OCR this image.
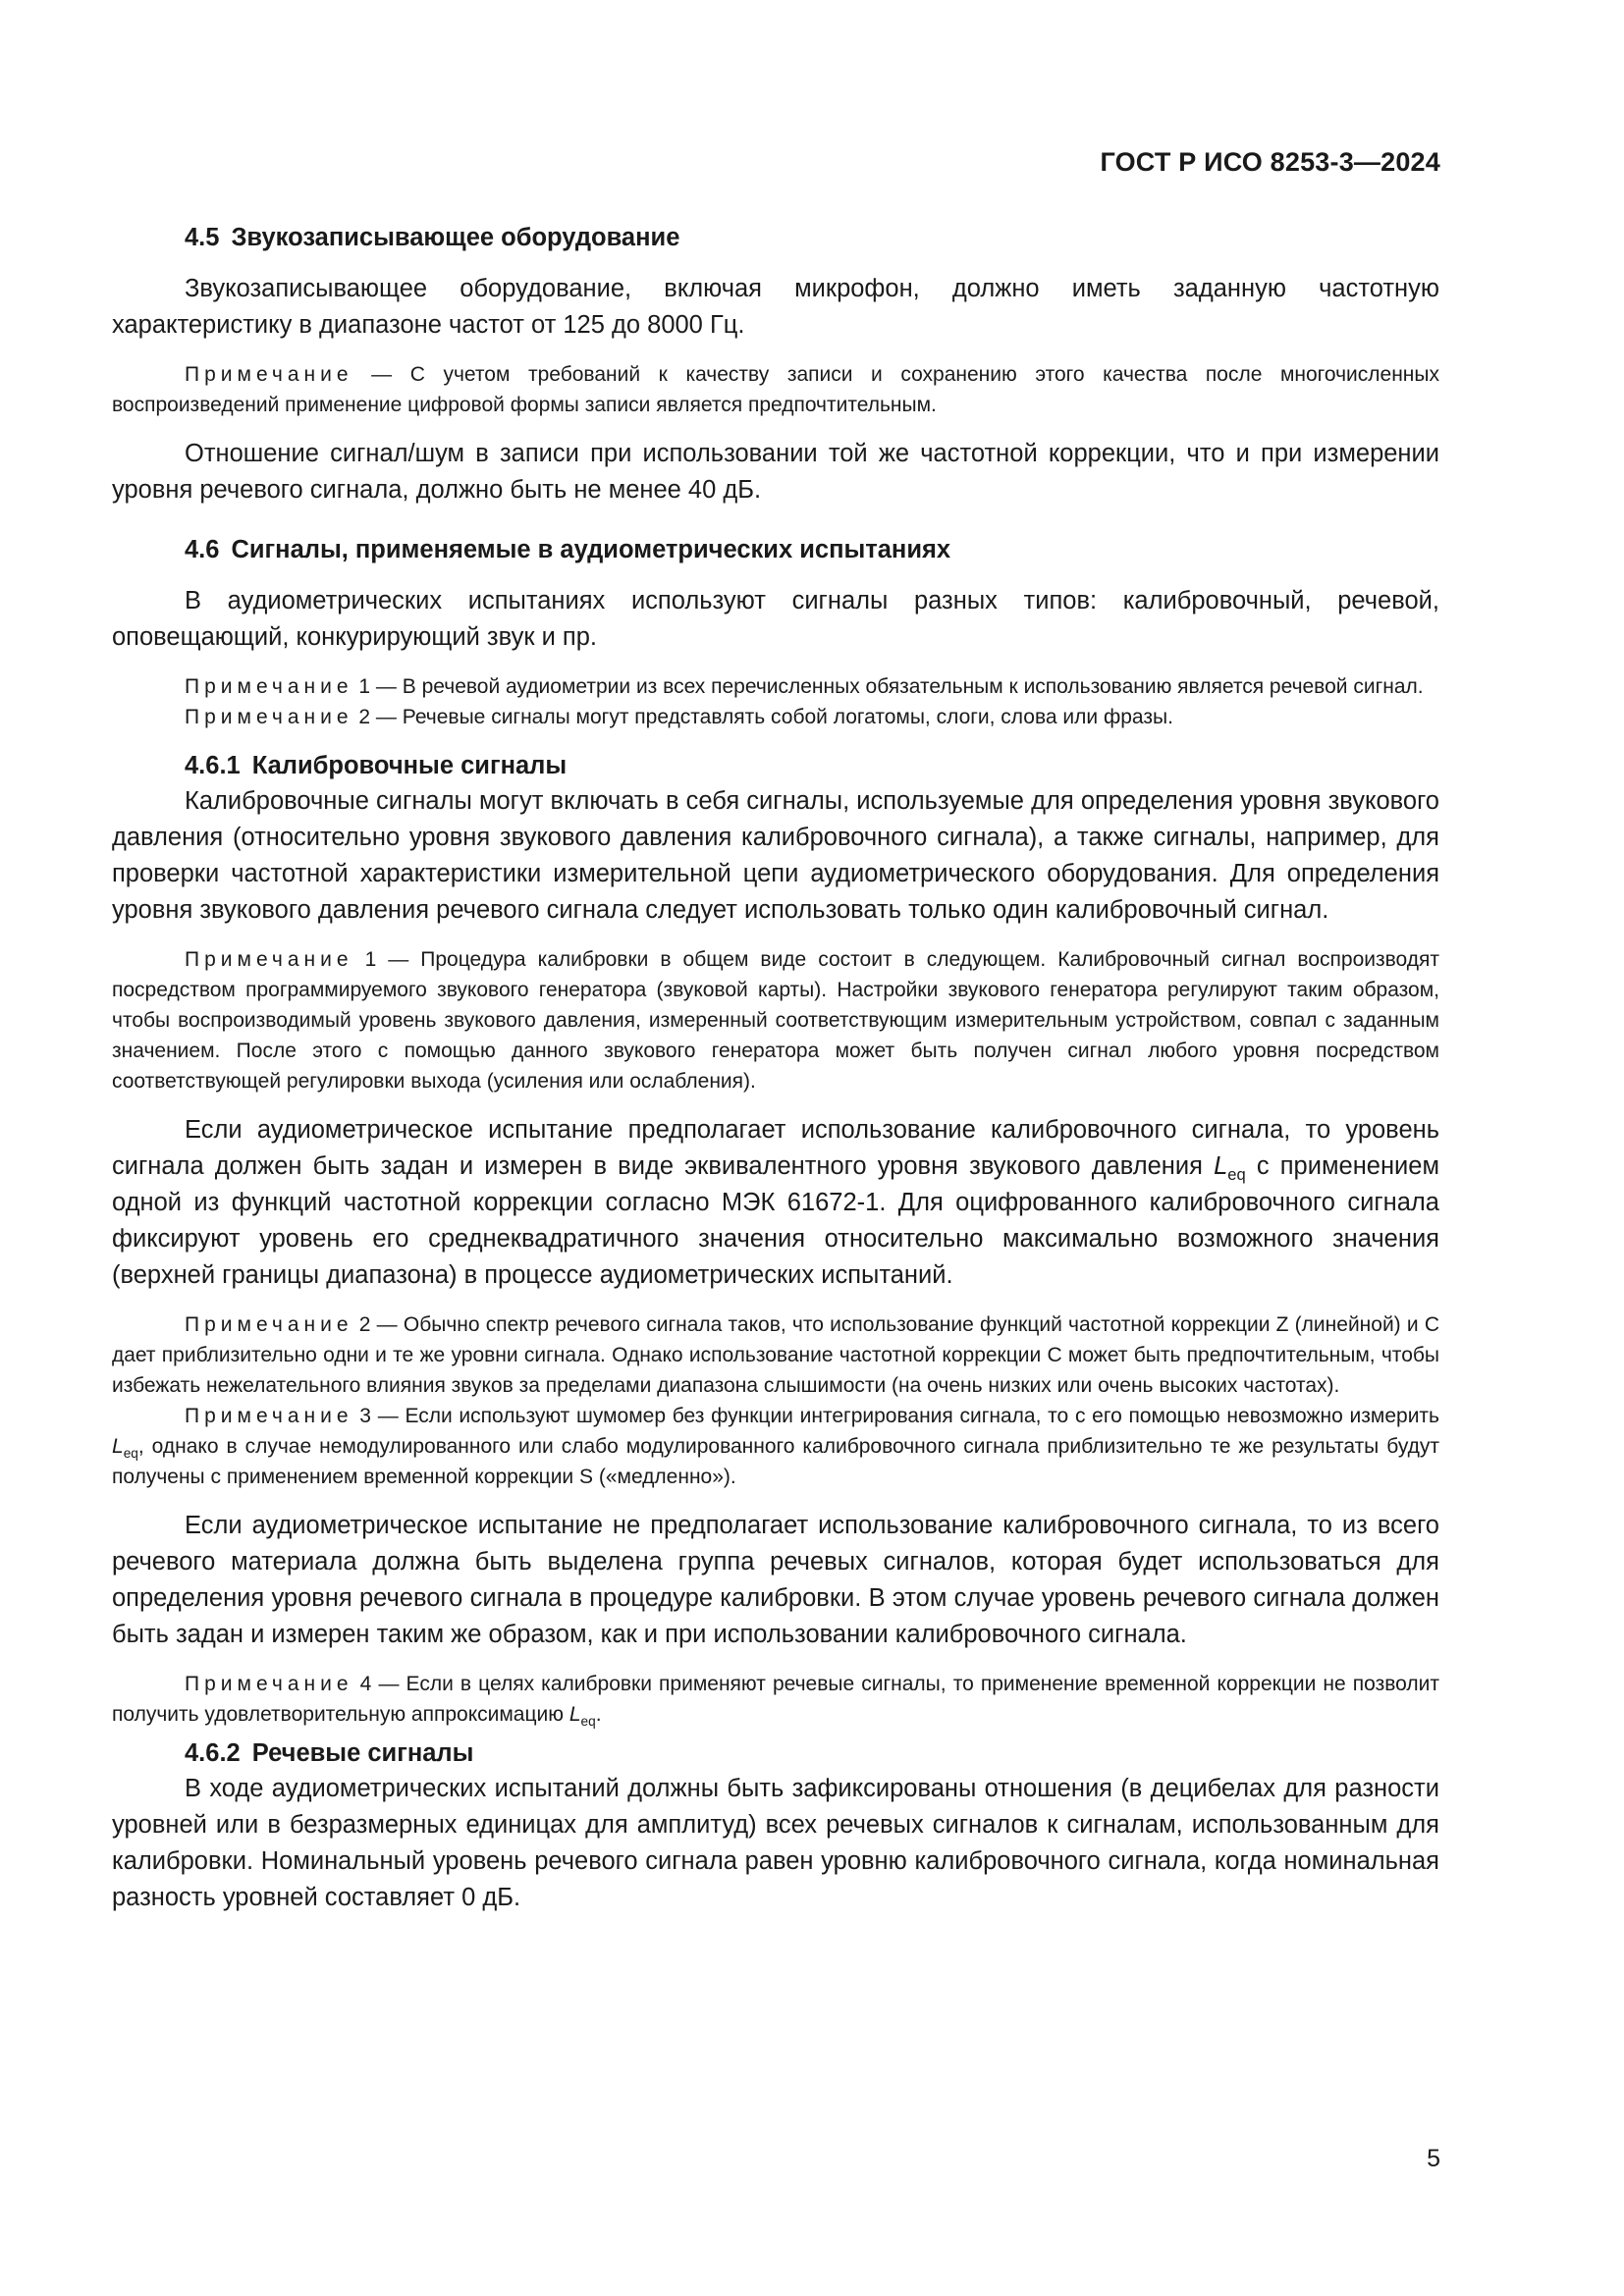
ГОСТ Р ИСО 8253-3—2024
4.5 Звукозаписывающее оборудование

Звукозаписывающее оборудование, включая микрофон, должно иметь заданную частотную характеристику в диапазоне частот от 125 до 8000 Гц.

Примечание — С учетом требований к качеству записи и сохранению этого качества после многочисленных воспроизведений применение цифровой формы записи является предпочтительным.

Отношение сигнал/шум в записи при использовании той же частотной коррекции, что и при измерении уровня речевого сигнала, должно быть не менее 40 дБ.

4.6 Сигналы, применяемые в аудиометрических испытаниях

В аудиометрических испытаниях используют сигналы разных типов: калибровочный, речевой, оповещающий, конкурирующий звук и пр.

Примечание 1 — В речевой аудиометрии из всех перечисленных обязательным к использованию является речевой сигнал.

Примечание 2 — Речевые сигналы могут представлять собой логатомы, слоги, слова или фразы.

4.6.1 Калибровочные сигналы

Калибровочные сигналы могут включать в себя сигналы, используемые для определения уровня звукового давления (относительно уровня звукового давления калибровочного сигнала), а также сигналы, например, для проверки частотной характеристики измерительной цепи аудиометрического оборудования. Для определения уровня звукового давления речевого сигнала следует использовать только один калибровочный сигнал.

Примечание 1 — Процедура калибровки в общем виде состоит в следующем. Калибровочный сигнал воспроизводят посредством программируемого звукового генератора (звуковой карты). Настройки звукового генератора регулируют таким образом, чтобы воспроизводимый уровень звукового давления, измеренный соответствующим измерительным устройством, совпал с заданным значением. После этого с помощью данного звукового генератора может быть получен сигнал любого уровня посредством соответствующей регулировки выхода (усиления или ослабления).

Если аудиометрическое испытание предполагает использование калибровочного сигнала, то уровень сигнала должен быть задан и измерен в виде эквивалентного уровня звукового давления $L_{eq}$ с применением одной из функций частотной коррекции согласно МЭК 61672-1. Для оцифрованного калибровочного сигнала фиксируют уровень его среднеквадратичного значения относительно максимально возможного значения (верхней границы диапазона) в процессе аудиометрических испытаний.

Примечание 2 — Обычно спектр речевого сигнала таков, что использование функций частотной коррекции Z (линейной) и С дает приблизительно одни и те же уровни сигнала. Однако использование частотной коррекции С может быть предпочтительным, чтобы избежать нежелательного влияния звуков за пределами диапазона слышимости (на очень низких или очень высоких частотах).

Примечание 3 — Если используют шумомер без функции интегрирования сигнала, то с его помощью невозможно измерить $L_{eq}$, однако в случае немодулированного или слабо модулированного калибровочного сигнала приблизительно те же результаты будут получены с применением временной коррекции S («медленно»).

Если аудиометрическое испытание не предполагает использование калибровочного сигнала, то из всего речевого материала должна быть выделена группа речевых сигналов, которая будет использоваться для определения уровня речевого сигнала в процедуре калибровки. В этом случае уровень речевого сигнала должен быть задан и измерен таким же образом, как и при использовании калибровочного сигнала.

Примечание 4 — Если в целях калибровки применяют речевые сигналы, то применение временной коррекции не позволит получить удовлетворительную аппроксимацию $L_{eq}$.

4.6.2 Речевые сигналы

В ходе аудиометрических испытаний должны быть зафиксированы отношения (в децибелах для разности уровней или в безразмерных единицах для амплитуд) всех речевых сигналов к сигналам, использованным для калибровки. Номинальный уровень речевого сигнала равен уровню калибровочного сигнала, когда номинальная разность уровней составляет 0 дБ.

5
